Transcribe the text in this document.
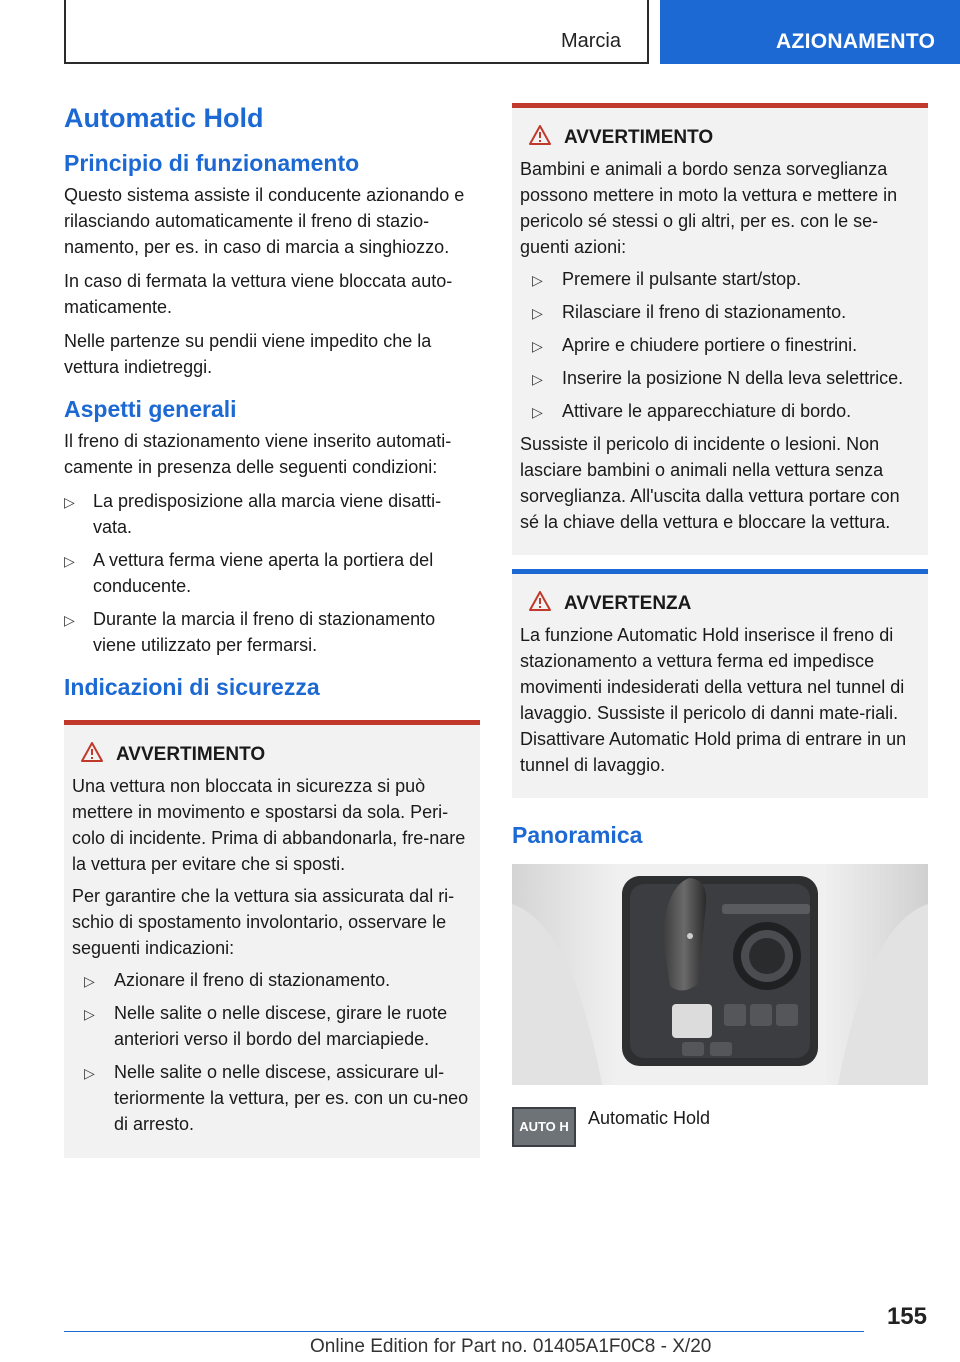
Marcia	AZIONAMENTO
Automatic Hold
Principio di funzionamento

Questo sistema assiste il conducente azionando e rilasciando automaticamente il freno di stazio-namento, per es. in caso di marcia a singhiozzo.

In caso di fermata la vettura viene bloccata auto-maticamente.

Nelle partenze su pendii viene impedito che la vettura indietreggi.

Aspetti generali

Il freno di stazionamento viene inserito automati-camente in presenza delle seguenti condizioni:

▷ La predisposizione alla marcia viene disatti-vata.
▷ A vettura ferma viene aperta la portiera del conducente.
▷ Durante la marcia il freno di stazionamento viene utilizzato per fermarsi.
Indicazioni di sicurezza
AVVERTIMENTO

Una vettura non bloccata in sicurezza si può mettere in movimento e spostarsi da sola. Peri-colo di incidente. Prima di abbandonarla, fre-nare la vettura per evitare che si sposti.

Per garantire che la vettura sia assicurata dal ri-schio di spostamento involontario, osservare le seguenti indicazioni:

▷ Azionare il freno di stazionamento.
▷ Nelle salite o nelle discese, girare le ruote anteriori verso il bordo del marciapiede.
▷ Nelle salite o nelle discese, assicurare ul-teriormente la vettura, per es. con un cu-neo di arresto.
AVVERTIMENTO

Bambini e animali a bordo senza sorveglianza possono mettere in moto la vettura e mettere in pericolo sé stessi o gli altri, per es. con le se-guenti azioni:

▷ Premere il pulsante start/stop.
▷ Rilasciare il freno di stazionamento.
▷ Aprire e chiudere portiere o finestrini.
▷ Inserire la posizione N della leva selettrice.
▷ Attivare le apparecchiature di bordo.

Sussiste il pericolo di incidente o lesioni. Non lasciare bambini o animali nella vettura senza sorveglianza. All'uscita dalla vettura portare con sé la chiave della vettura e bloccare la vettura.

AVVERTENZA

La funzione Automatic Hold inserisce il freno di stazionamento a vettura ferma ed impedisce movimenti indesiderati della vettura nel tunnel di lavaggio. Sussiste il pericolo di danni mate-riali. Disattivare Automatic Hold prima di entrare in un tunnel di lavaggio.

Panoramica
AUTO H	Automatic Hold
155
Online Edition for Part no. 01405A1F0C8 - X/20
